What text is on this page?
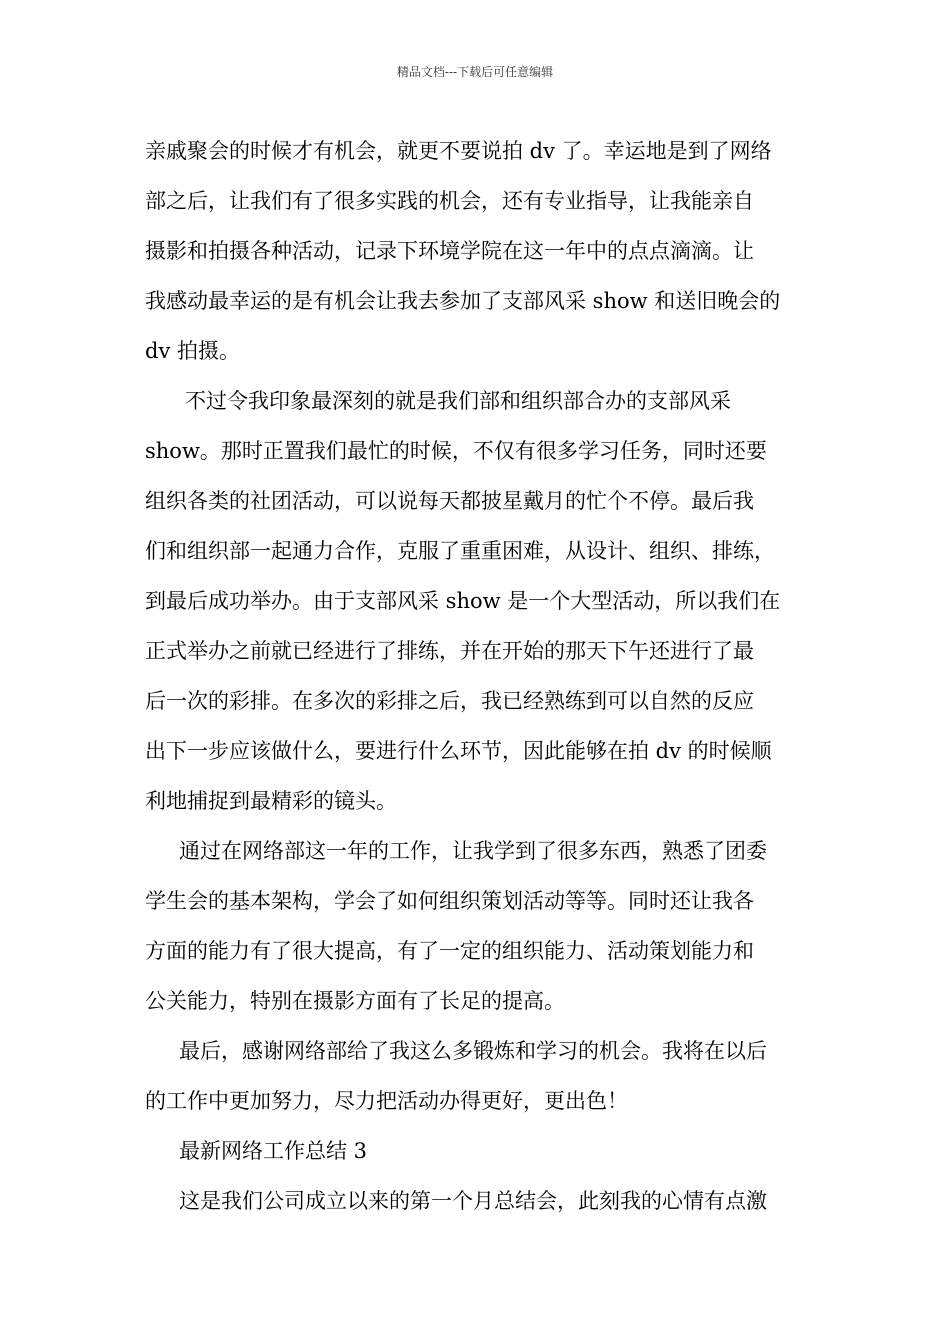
精品文档---下载后可任意编辑
亲戚聚会的时候才有机会，就更不要说拍 dv 了。幸运地是到了网络
部之后，让我们有了很多实践的机会，还有专业指导，让我能亲自
摄影和拍摄各种活动，记录下环境学院在这一年中的点点滴滴。让
我感动最幸运的是有机会让我去参加了支部风采 show 和送旧晚会的
dv 拍摄。
不过令我印象最深刻的就是我们部和组织部合办的支部风采
show。那时正置我们最忙的时候，不仅有很多学习任务，同时还要
组织各类的社团活动，可以说每天都披星戴月的忙个不停。最后我
们和组织部一起通力合作，克服了重重困难，从设计、组织、排练，
到最后成功举办。由于支部风采 show 是一个大型活动，所以我们在
正式举办之前就已经进行了排练，并在开始的那天下午还进行了最
后一次的彩排。在多次的彩排之后，我已经熟练到可以自然的反应
出下一步应该做什么，要进行什么环节，因此能够在拍 dv 的时候顺
利地捕捉到最精彩的镜头。
通过在网络部这一年的工作，让我学到了很多东西，熟悉了团委
学生会的基本架构，学会了如何组织策划活动等等。同时还让我各
方面的能力有了很大提高，有了一定的组织能力、活动策划能力和
公关能力，特别在摄影方面有了长足的提高。
最后，感谢网络部给了我这么多锻炼和学习的机会。我将在以后
的工作中更加努力，尽力把活动办得更好，更出色！
最新网络工作总结 3
这是我们公司成立以来的第一个月总结会，此刻我的心情有点激
